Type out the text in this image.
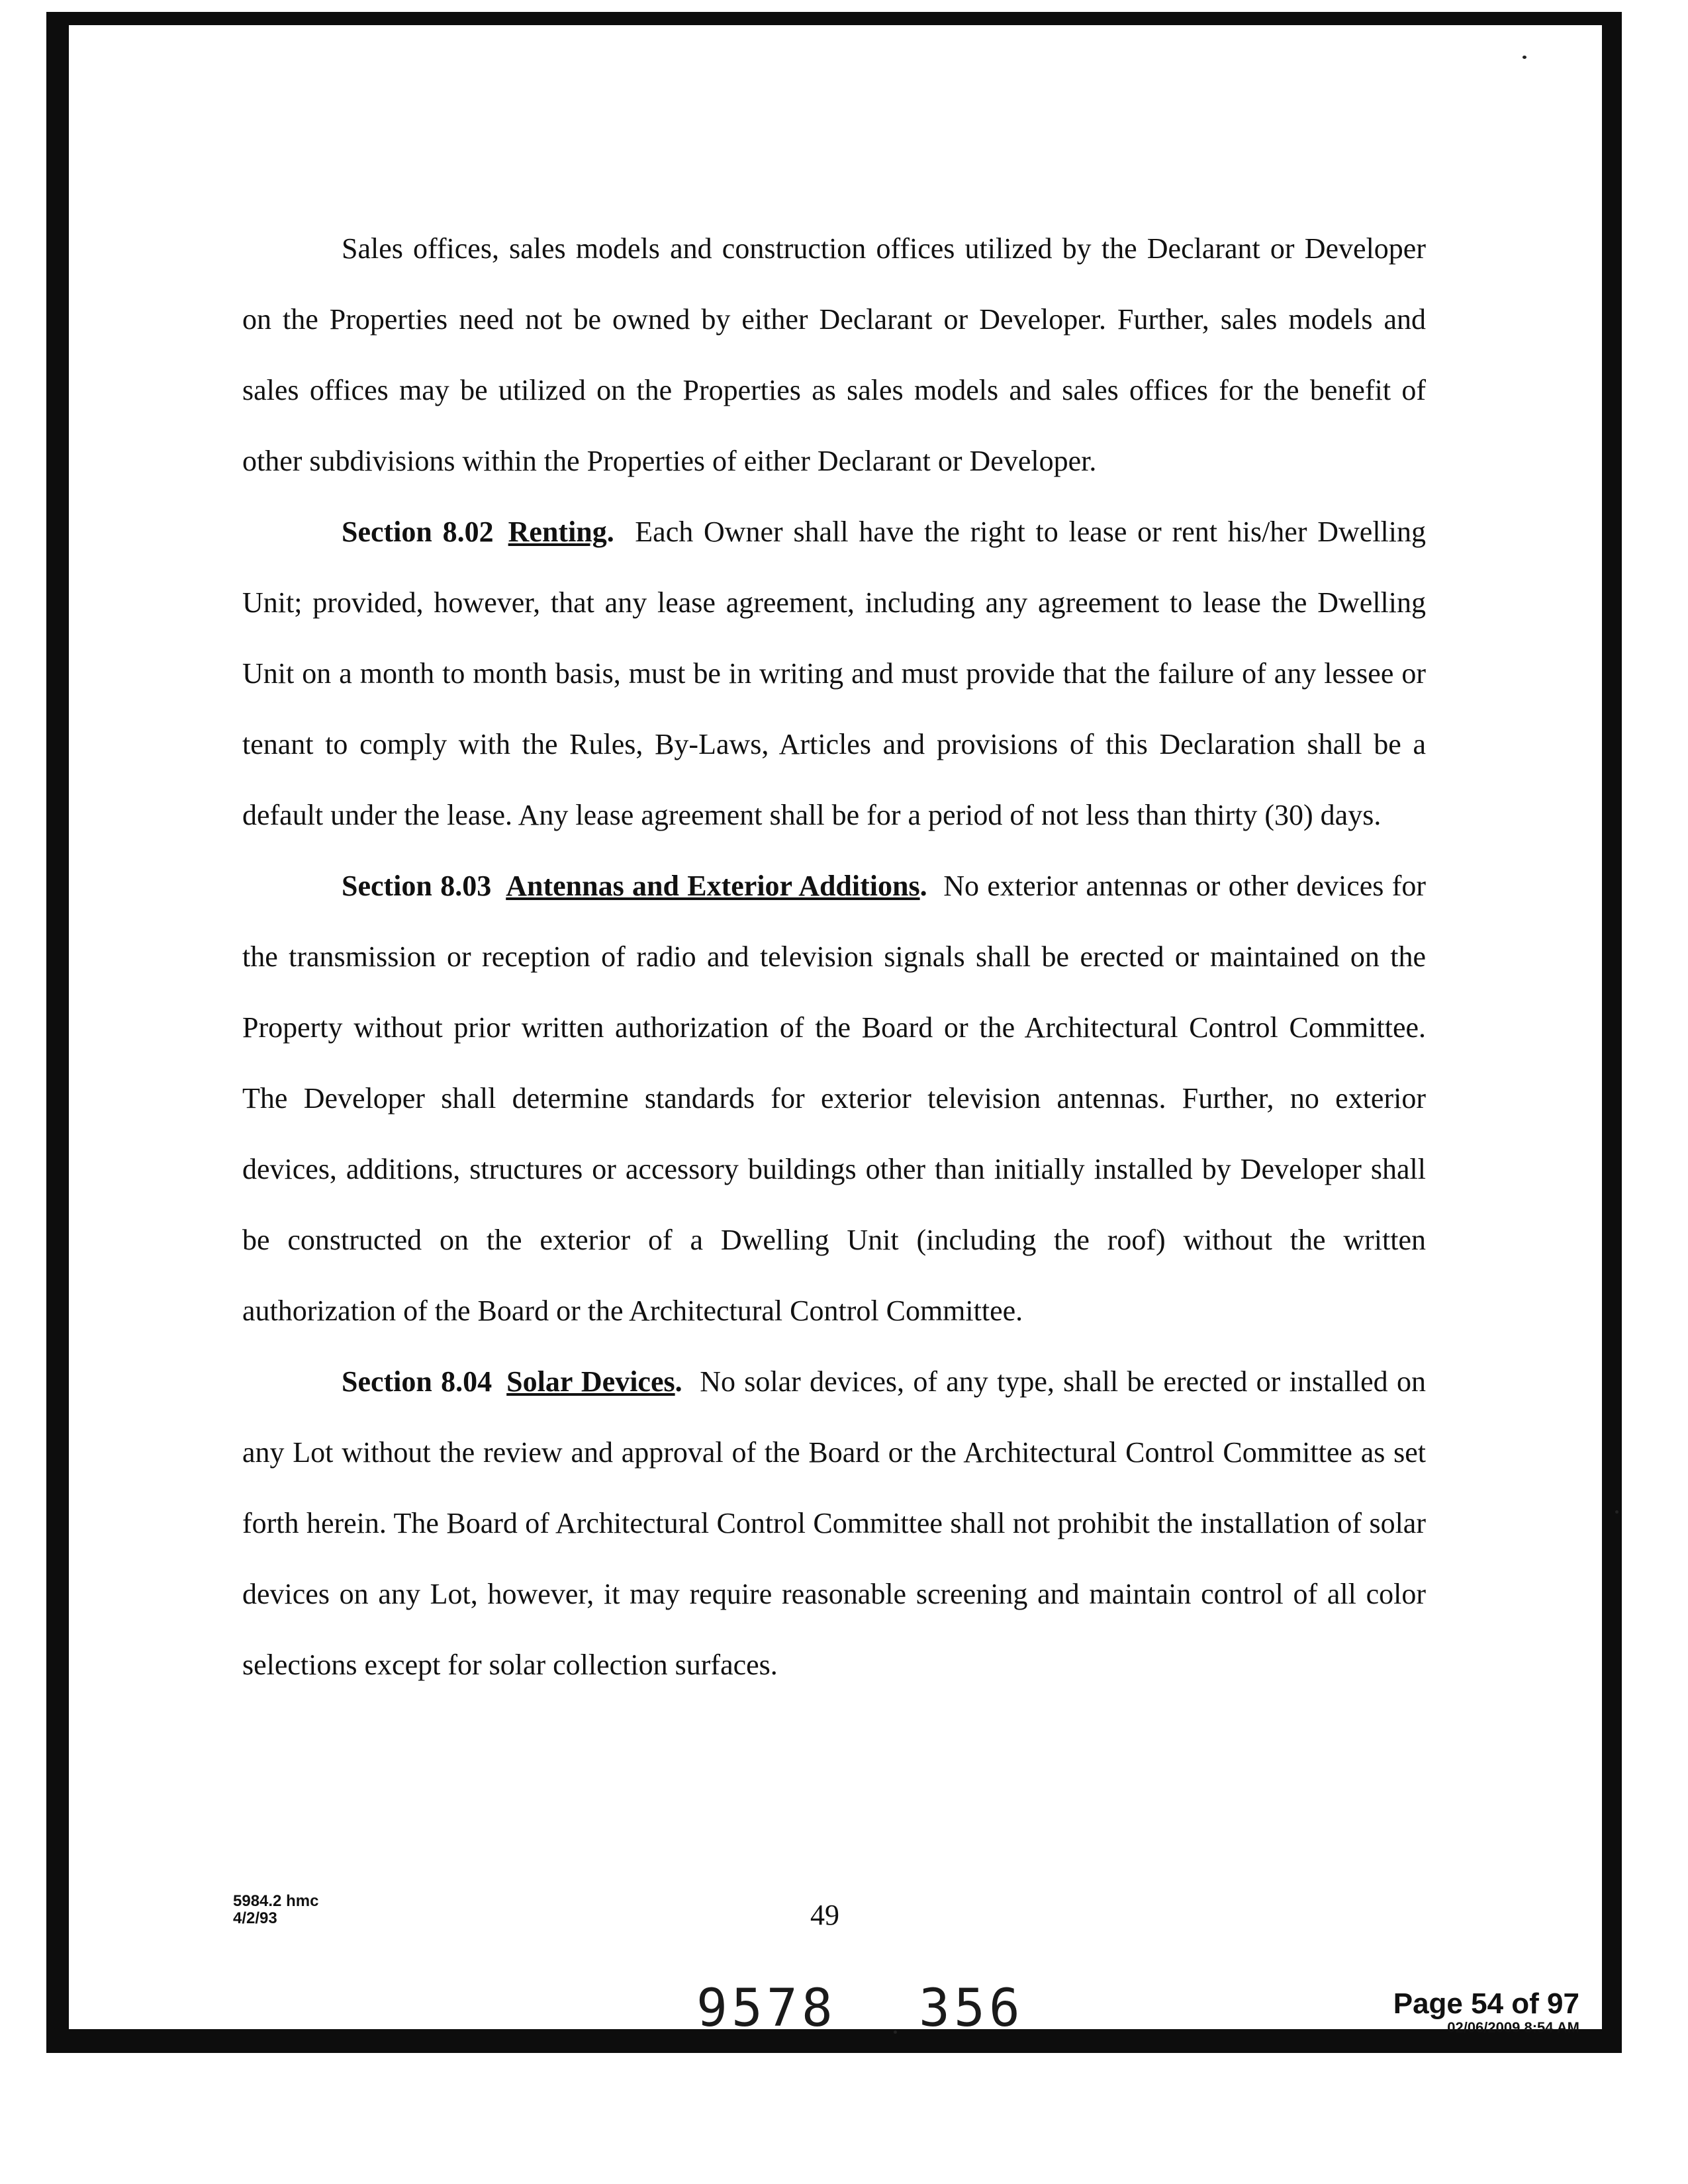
Sales offices, sales models and construction offices utilized by the Declarant or Developer on the Properties need not be owned by either Declarant or Developer. Further, sales models and sales offices may be utilized on the Properties as sales models and sales offices for the benefit of other subdivisions within the Properties of either Declarant or Developer.

Section 8.02 Renting. Each Owner shall have the right to lease or rent his/her Dwelling Unit; provided, however, that any lease agreement, including any agreement to lease the Dwelling Unit on a month to month basis, must be in writing and must provide that the failure of any lessee or tenant to comply with the Rules, By-Laws, Articles and provisions of this Declaration shall be a default under the lease. Any lease agreement shall be for a period of not less than thirty (30) days.

Section 8.03 Antennas and Exterior Additions. No exterior antennas or other devices for the transmission or reception of radio and television signals shall be erected or maintained on the Property without prior written authorization of the Board or the Architectural Control Committee. The Developer shall determine standards for exterior television antennas. Further, no exterior devices, additions, structures or accessory buildings other than initially installed by Developer shall be constructed on the exterior of a Dwelling Unit (including the roof) without the written authorization of the Board or the Architectural Control Committee.

Section 8.04 Solar Devices. No solar devices, of any type, shall be erected or installed on any Lot without the review and approval of the Board or the Architectural Control Committee as set forth herein. The Board of Architectural Control Committee shall not prohibit the installation of solar devices on any Lot, however, it may require reasonable screening and maintain control of all color selections except for solar collection surfaces.

5984.2 hmc
4/2/93	49
9578 356	Page 54 of 97
02/06/2009 8:54 AM
